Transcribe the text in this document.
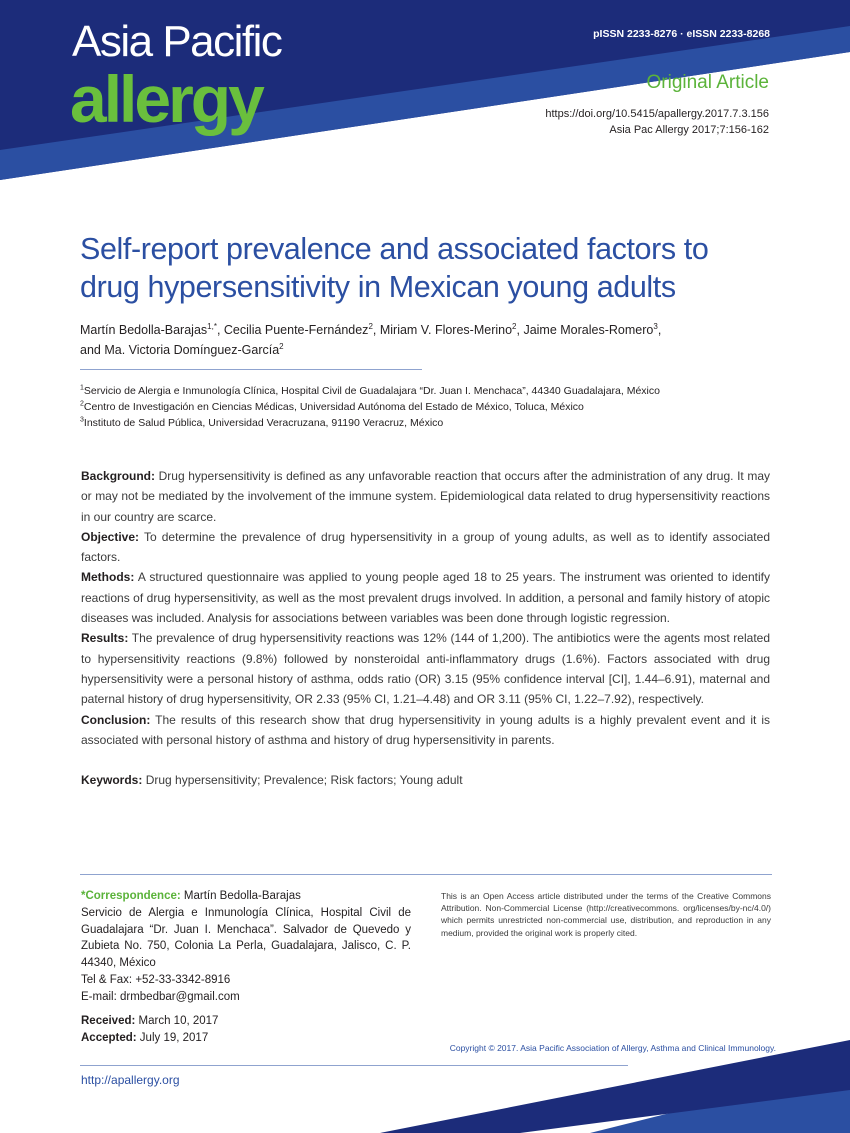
Asia Pacific
allergy
pISSN 2233-8276 · eISSN 2233-8268
Original Article
https://doi.org/10.5415/apallergy.2017.7.3.156
Asia Pac Allergy 2017;7:156-162
Self-report prevalence and associated factors to
drug hypersensitivity in Mexican young adults
Martín Bedolla-Barajas$^{1,*}$, Cecilia Puente-Fernández$^2$, Miriam V. Flores-Merino$^2$, Jaime Morales-Romero$^3$,
and Ma. Victoria Domínguez-García$^2$
$^1$Servicio de Alergia e Inmunología Clínica, Hospital Civil de Guadalajara “Dr. Juan I. Menchaca”, 44340 Guadalajara, México
$^2$Centro de Investigación en Ciencias Médicas, Universidad Autónoma del Estado de México, Toluca, México
$^3$Instituto de Salud Pública, Universidad Veracruzana, 91190 Veracruz, México

Background: Drug hypersensitivity is defined as any unfavorable reaction that occurs after the administration of any drug. It may or may not be mediated by the involvement of the immune system. Epidemiological data related to drug hypersensitivity reactions in our country are scarce.

Objective: To determine the prevalence of drug hypersensitivity in a group of young adults, as well as to identify associated factors.

Methods: A structured questionnaire was applied to young people aged 18 to 25 years. The instrument was oriented to identify reactions of drug hypersensitivity, as well as the most prevalent drugs involved. In addition, a personal and family history of atopic diseases was included. Analysis for associations between variables was been done through logistic regression.

Results: The prevalence of drug hypersensitivity reactions was 12% (144 of 1,200). The antibiotics were the agents most related to hypersensitivity reactions (9.8%) followed by nonsteroidal anti-inflammatory drugs (1.6%). Factors associated with drug hypersensitivity were a personal history of asthma, odds ratio (OR) 3.15 (95% confidence interval [CI], 1.44–6.91), maternal and paternal history of drug hypersensitivity, OR 2.33 (95% CI, 1.21–4.48) and OR 3.11 (95% CI, 1.22–7.92), respectively.

Conclusion: The results of this research show that drug hypersensitivity in young adults is a highly prevalent event and it is associated with personal history of asthma and history of drug hypersensitivity in parents.

Keywords: Drug hypersensitivity; Prevalence; Risk factors; Young adult
*Correspondence: Martín Bedolla-Barajas
Servicio de Alergia e Inmunología Clínica, Hospital Civil de Guadalajara “Dr. Juan I. Menchaca”. Salvador de Quevedo y Zubieta No. 750, Colonia La Perla, Guadalajara, Jalisco, C. P. 44340, México
Tel & Fax: +52-33-3342-8916
E-mail: drmbedbar@gmail.com
This is an Open Access article distributed under the terms of the Creative Commons Attribution. Non-Commercial License (http://creativecommons. org/licenses/by-nc/4.0/) which permits unrestricted non-commercial use, distribution, and reproduction in any medium, provided the original work is properly cited.
Received: March 10, 2017
Accepted: July 19, 2017
Copyright © 2017. Asia Pacific Association of Allergy, Asthma and Clinical Immunology.
http://apallergy.org
